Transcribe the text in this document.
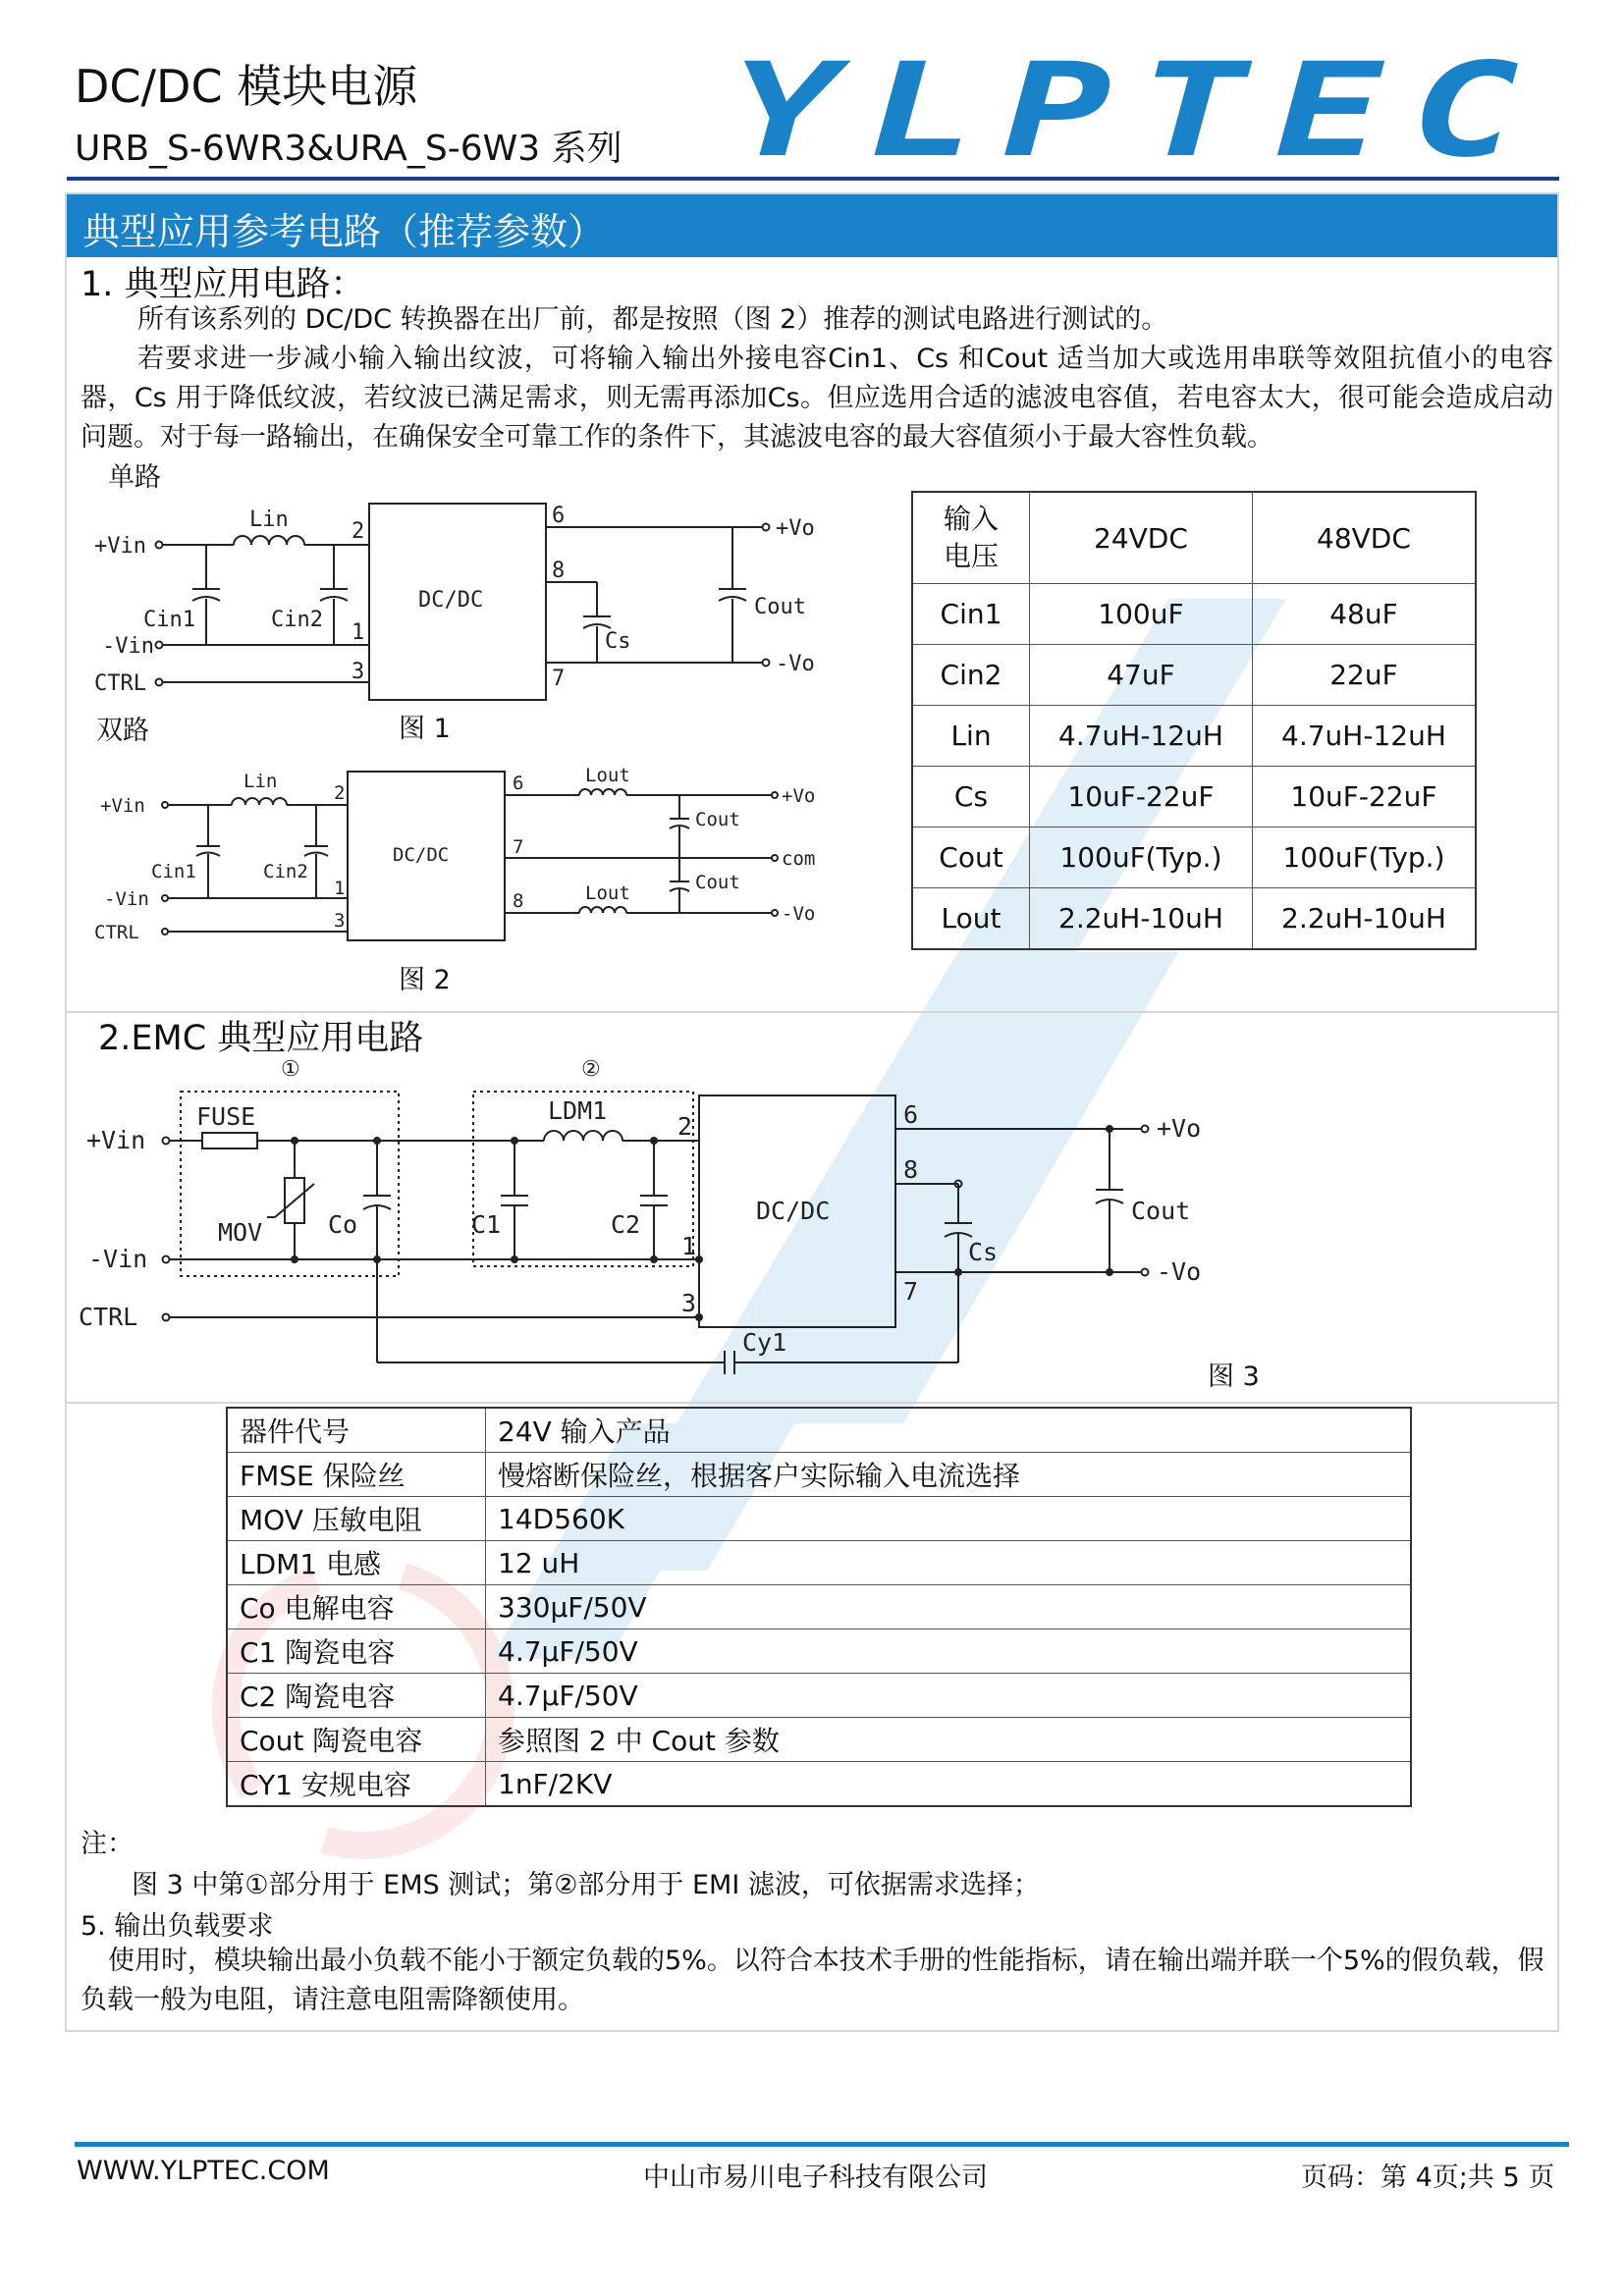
DC/DC 模块电源
URB_S-6WR3&URA_S-6W3 系列 YLPTEC
典型应用参考电路（推荐参数）
1. 典型应用电路：
所有该系列的 DC/DC 转换器在出厂前，都是按照（图 2）推荐的测试电路进行测试的。
若要求进一步减小输入输出纹波，可将输入输出外接电容Cin1、Cs 和Cout 适当加大或选用串联等效阻抗值小的电容器，Cs 用于降低纹波，若纹波已满足需求，则无需再添加Cs。但应选用合适的滤波电容值，若电容太大，很可能会造成启动问题。对于每一路输出，在确保安全可靠工作的条件下，其滤波电容的最大容值须小于最大容性负载。
单路
双路
+Vin
-Vin
CTRL
Lin
Cin1	Cin2
DC/DC
2
1
3
6
8
7
Cs
Cout
+Vo
-Vo
图 1
+Vin
-Vin
CTRL
Lin
Cin1	Cin2
DC/DC
2
1
3
6
7
8
Lout
Lout
Cout
Cout
+Vo
com
-Vo
图 2
输入
电压	24VDC	48VDC
Cin1	100uF	48uF
Cin2	47uF	22uF
Lin	4.7uH-12uH	4.7uH-12uH
Cs	10uF-22uF	10uF-22uF
Cout	100uF(Typ.)	100uF(Typ.)
Lout	2.2uH-10uH	2.2uH-10uH
2.EMC 典型应用电路
①	②
+Vin
-Vin
CTRL
FUSE
MOV	Co
LDM1
C1	C2	DC/DC
2
1
3
6
8
7
Cs
Cout
+Vo
-Vo
Cy1
图 3
器件代号	24V 输入产品
FMSE 保险丝	慢熔断保险丝，根据客户实际输入电流选择
MOV 压敏电阻	14D560K
LDM1 电感	12 uH
Co 电解电容	330μF/50V
C1 陶瓷电容	4.7μF/50V
C2 陶瓷电容	4.7μF/50V
Cout 陶瓷电容	参照图 2 中 Cout 参数
CY1 安规电容	1nF/2KV
注：
图 3 中第①部分用于 EMS 测试；第②部分用于 EMI 滤波，可依据需求选择；
5. 输出负载要求
使用时，模块输出最小负载不能小于额定负载的5%。以符合本技术手册的性能指标，请在输出端并联一个5%的假负载，假负载一般为电阻，请注意电阻需降额使用。
WWW.YLPTEC.COM	中山市易川电子科技有限公司	页码：第 4页;共 5 页
